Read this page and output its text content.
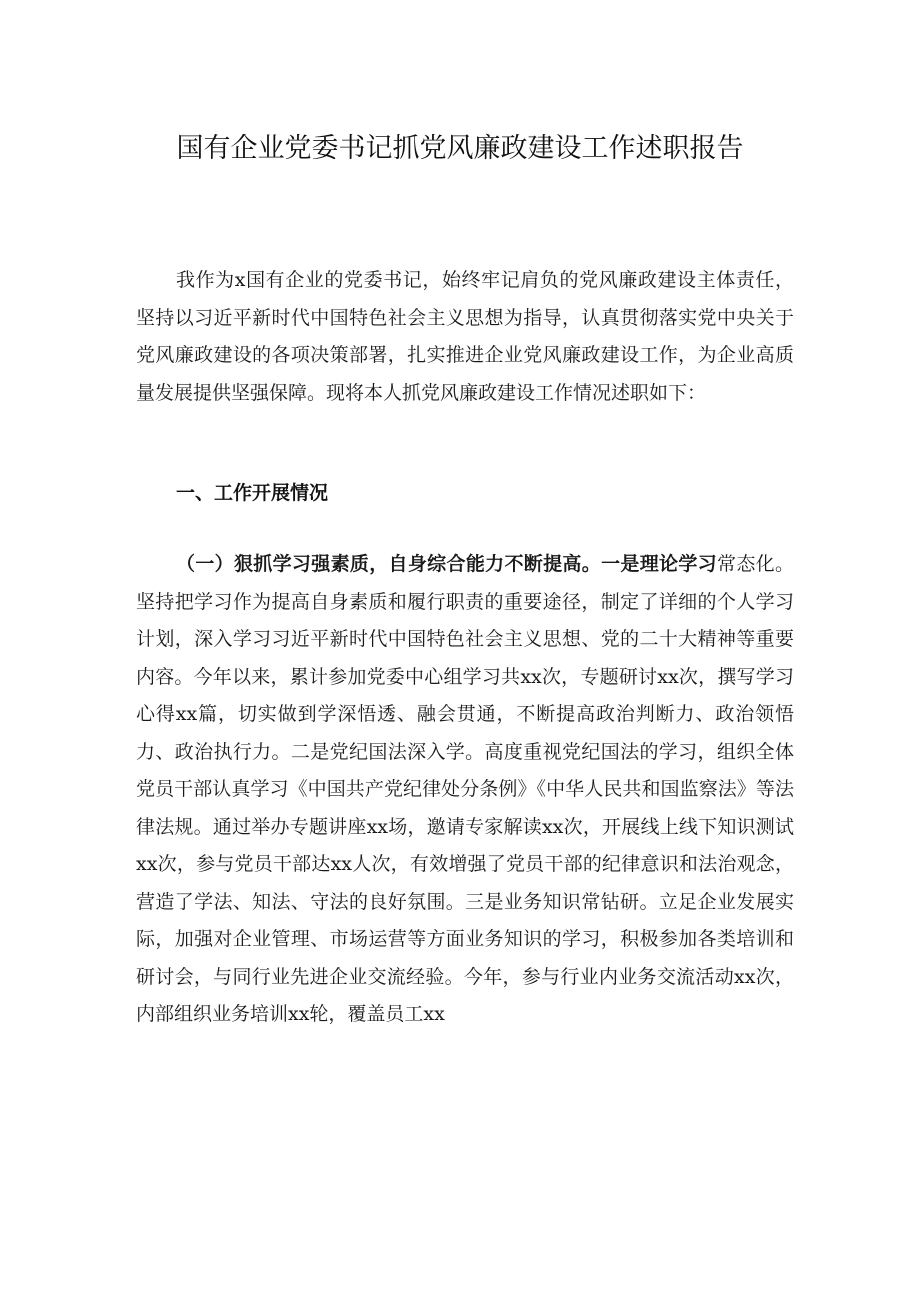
国有企业党委书记抓党风廉政建设工作述职报告

我作为x国有企业的党委书记，始终牢记肩负的党风廉政建设主体责任，坚持以习近平新时代中国特色社会主义思想为指导，认真贯彻落实党中央关于党风廉政建设的各项决策部署，扎实推进企业党风廉政建设工作，为企业高质量发展提供坚强保障。现将本人抓党风廉政建设工作情况述职如下：

一、工作开展情况

（一）狠抓学习强素质，自身综合能力不断提高。一是理论学习常态化。坚持把学习作为提高自身素质和履行职责的重要途径，制定了详细的个人学习计划，深入学习习近平新时代中国特色社会主义思想、党的二十大精神等重要内容。今年以来，累计参加党委中心组学习共xx次，专题研讨xx次，撰写学习心得xx篇，切实做到学深悟透、融会贯通，不断提高政治判断力、政治领悟力、政治执行力。二是党纪国法深入学。高度重视党纪国法的学习，组织全体党员干部认真学习《中国共产党纪律处分条例》《中华人民共和国监察法》等法律法规。通过举办专题讲座xx场，邀请专家解读xx次，开展线上线下知识测试xx次，参与党员干部达xx人次，有效增强了党员干部的纪律意识和法治观念，营造了学法、知法、守法的良好氛围。三是业务知识常钻研。立足企业发展实际，加强对企业管理、市场运营等方面业务知识的学习，积极参加各类培训和研讨会，与同行业先进企业交流经验。今年，参与行业内业务交流活动xx次，内部组织业务培训xx轮，覆盖员工xx
